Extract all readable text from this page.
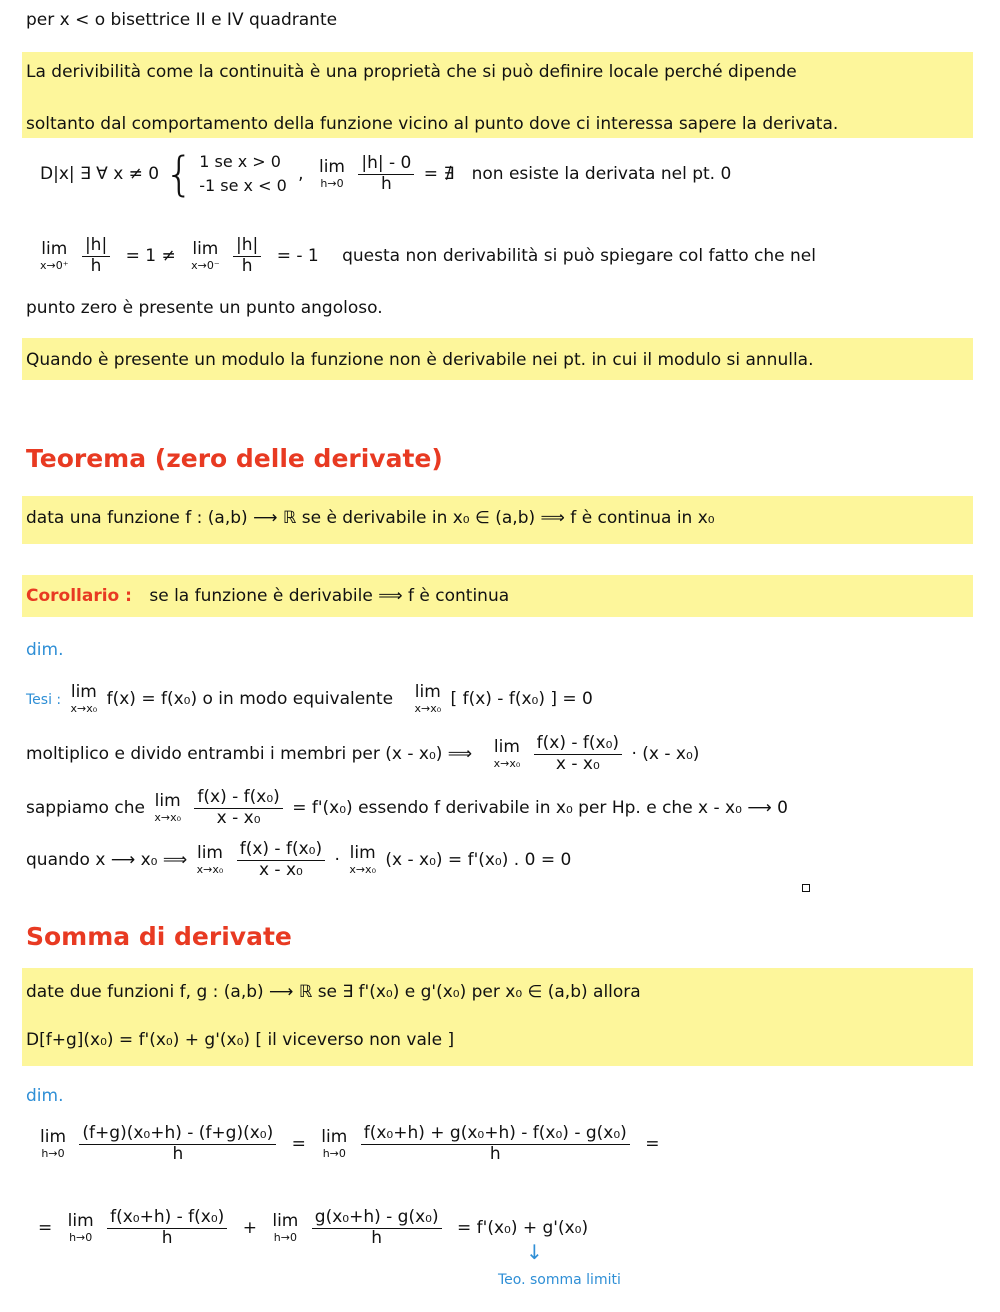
per x < o bisettrice II e IV quadrante
La derivibilità come la continuità è una proprietà che si può definire locale perché dipende
soltanto dal comportamento della funzione vicino al punto dove ci interessa sapere la derivata.
D|x| ∃ ∀ x ≠ 0 { 1 se x > 0
-1 se x < 0
, lim
h→0
$\frac{|h| - 0}{h}$ = ∄ non esiste la derivata nel pt. 0
lim
x→0⁺
$\frac{|h|}{h} = 1 \ne \lim$
x→0⁻
$\frac{|h|}{h}$ = - 1 questa non derivabilità si può spiegare col fatto che nel
punto zero è presente un punto angoloso.
Quando è presente un modulo la funzione non è derivabile nei pt. in cui il modulo si annulla.
Teorema (zero delle derivate)
data una funzione f : (a,b) ⟶ ℝ se è derivabile in x₀ ∈ (a,b) ⟹ f è continua in x₀
Corollario : se la funzione è derivabile ⟹ f è continua
dim.
Tesi : lim
x→x₀ f(x) = f(x₀) o in modo equivalente lim
x→x₀ [ f(x) - f(x₀) ] = 0
moltiplico e divido entrambi i membri per (x - x₀) ⟹ lim
x→x₀
$\frac{\text{f(x) - f(x₀)}}{\text{x - x₀}} \cdot (x - x_0)$
sappiamo che lim
x→x₀
$\frac{\text{f(x) - f(x₀)}}{\text{x - x₀}} = f'(x_0)$ essendo f derivabile in x₀ per Hp. e che x - x₀ ⟶ 0
quando x ⟶ x₀ ⟹ lim
x→x₀
$\frac{\text{f(x) - f(x₀)}}{\text{x - x₀}} \cdot \lim$
x→x₀ (x - x₀) = f'(x₀) . 0 = 0
Somma di derivate
date due funzioni f, g : (a,b) ⟶ ℝ se ∃ f'(x₀) e g'(x₀) per x₀ ∈ (a,b) allora
D[f+g](x₀) = f'(x₀) + g'(x₀) [ il viceverso non vale ]
dim.
lim
h→0
$\frac{\text{(f+g)(x₀+h) - (f+g)(x₀)}}{h} = \lim$
h→0
$\frac{\text{f(x₀+h) + g(x₀+h) - f(x₀) - g(x₀)}}{h}$ =
= lim
h→0
$\frac{\text{f(x₀+h) - f(x₀)}}{h} + \lim$
h→0
$\frac{\text{g(x₀+h) - g(x₀)}}{h} = f'(x_0) + g'(x_0)$
↓
Teo. somma limiti
